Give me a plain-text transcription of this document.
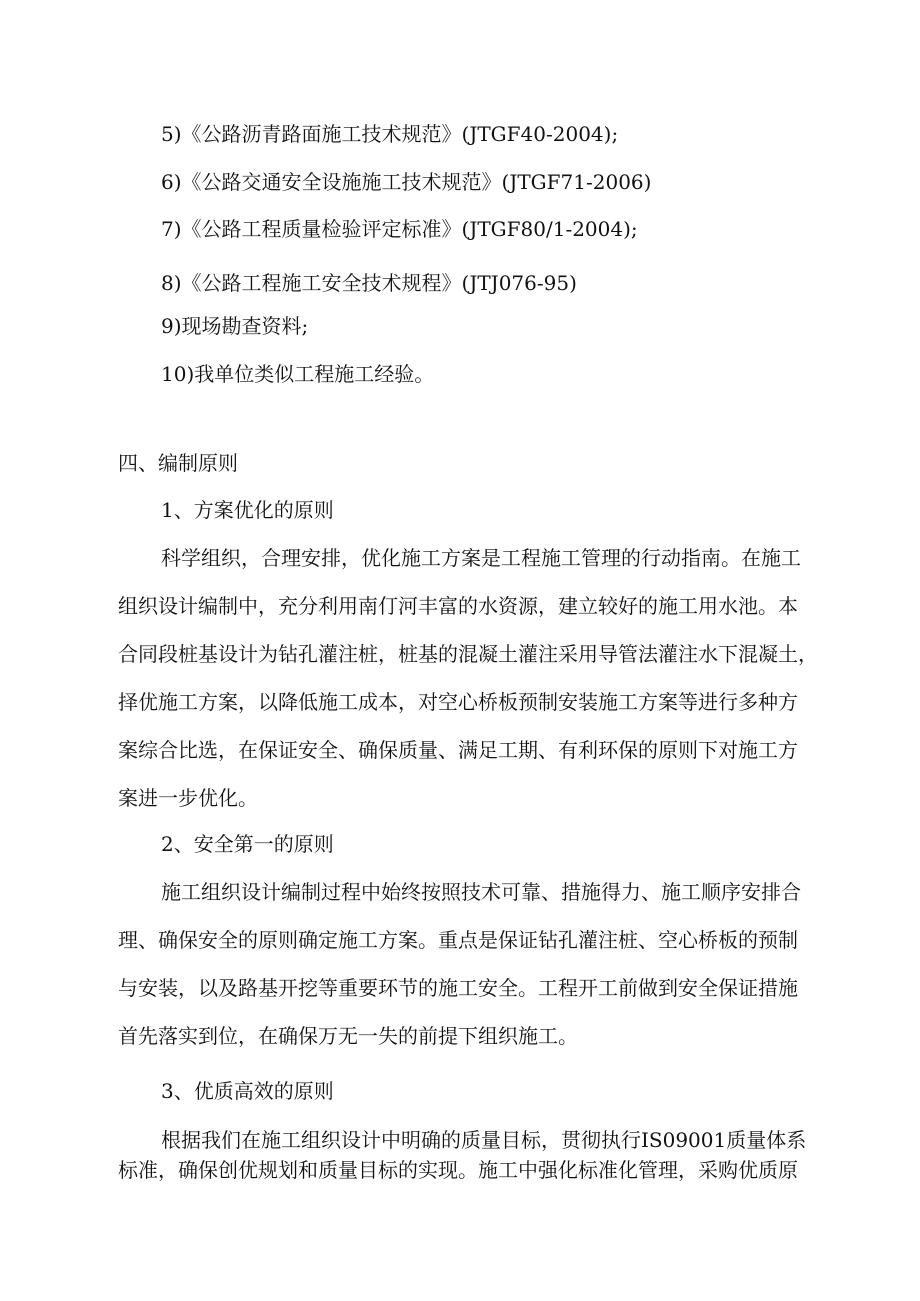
5)《公路沥青路面施工技术规范》(JTGF40-2004);

6)《公路交通安全设施施工技术规范》(JTGF71-2006)

7)《公路工程质量检验评定标准》(JTGF80/1-2004);

8)《公路工程施工安全技术规程》(JTJ076-95)

9)现场勘查资料;

10)我单位类似工程施工经验。

四、编制原则

1、方案优化的原则

科学组织，合理安排，优化施工方案是工程施工管理的行动指南。在施工

组织设计编制中，充分利用南仃河丰富的水资源，建立较好的施工用水池。本

合同段桩基设计为钻孔灌注桩，桩基的混凝土灌注采用导管法灌注水下混凝土，

择优施工方案，以降低施工成本，对空心桥板预制安装施工方案等进行多种方

案综合比选，在保证安全、确保质量、满足工期、有利环保的原则下对施工方

案进一步优化。

2、安全第一的原则

施工组织设计编制过程中始终按照技术可靠、措施得力、施工顺序安排合

理、确保安全的原则确定施工方案。重点是保证钻孔灌注桩、空心桥板的预制

与安装，以及路基开挖等重要环节的施工安全。工程开工前做到安全保证措施

首先落实到位，在确保万无一失的前提下组织施工。

3、优质高效的原则

根据我们在施工组织设计中明确的质量目标，贯彻执行IS09001质量体系

标准，确保创优规划和质量目标的实现。施工中强化标准化管理，采购优质原
